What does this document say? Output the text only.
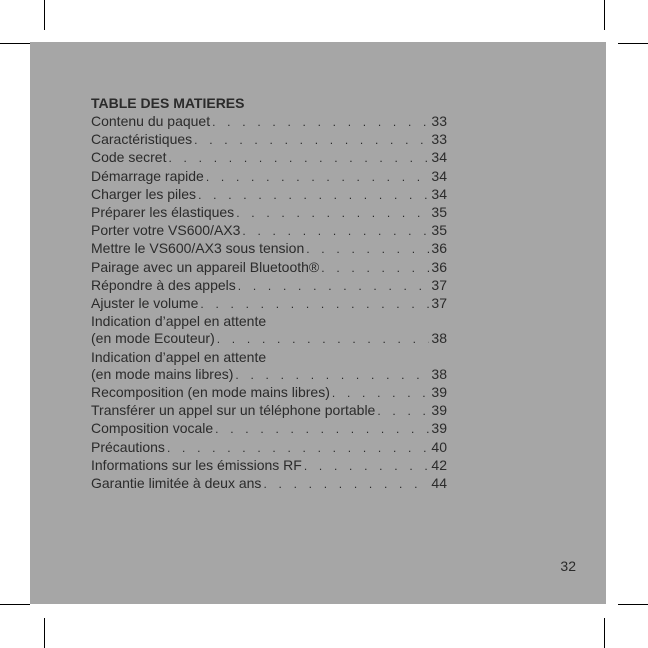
TABLE DES MATIERES
Contenu du paquet . . .	33
Caractéristiques . . .	33
Code secret . . .	34
Démarrage rapide . . .	34
Charger les piles . . .	34
Préparer les élastiques . . .	35
Porter votre VS600/AX3 . . .	35
Mettre le VS600/AX3 sous tension . . .	36
Pairage avec un appareil Bluetooth® . . .	36
Répondre à des appels . . .	37
Ajuster le volume . . .	37
Indication d’appel en attente
(en mode Ecouteur) . . .	38
Indication d’appel en attente
(en mode mains libres) . . .	38
Recomposition (en mode mains libres) . . .	39
Transférer un appel sur un téléphone portable . . .	39
Composition vocale . . .	39
Précautions . . .	40
Informations sur les émissions RF . . .	42
Garantie limitée à deux ans . . .	44
32
